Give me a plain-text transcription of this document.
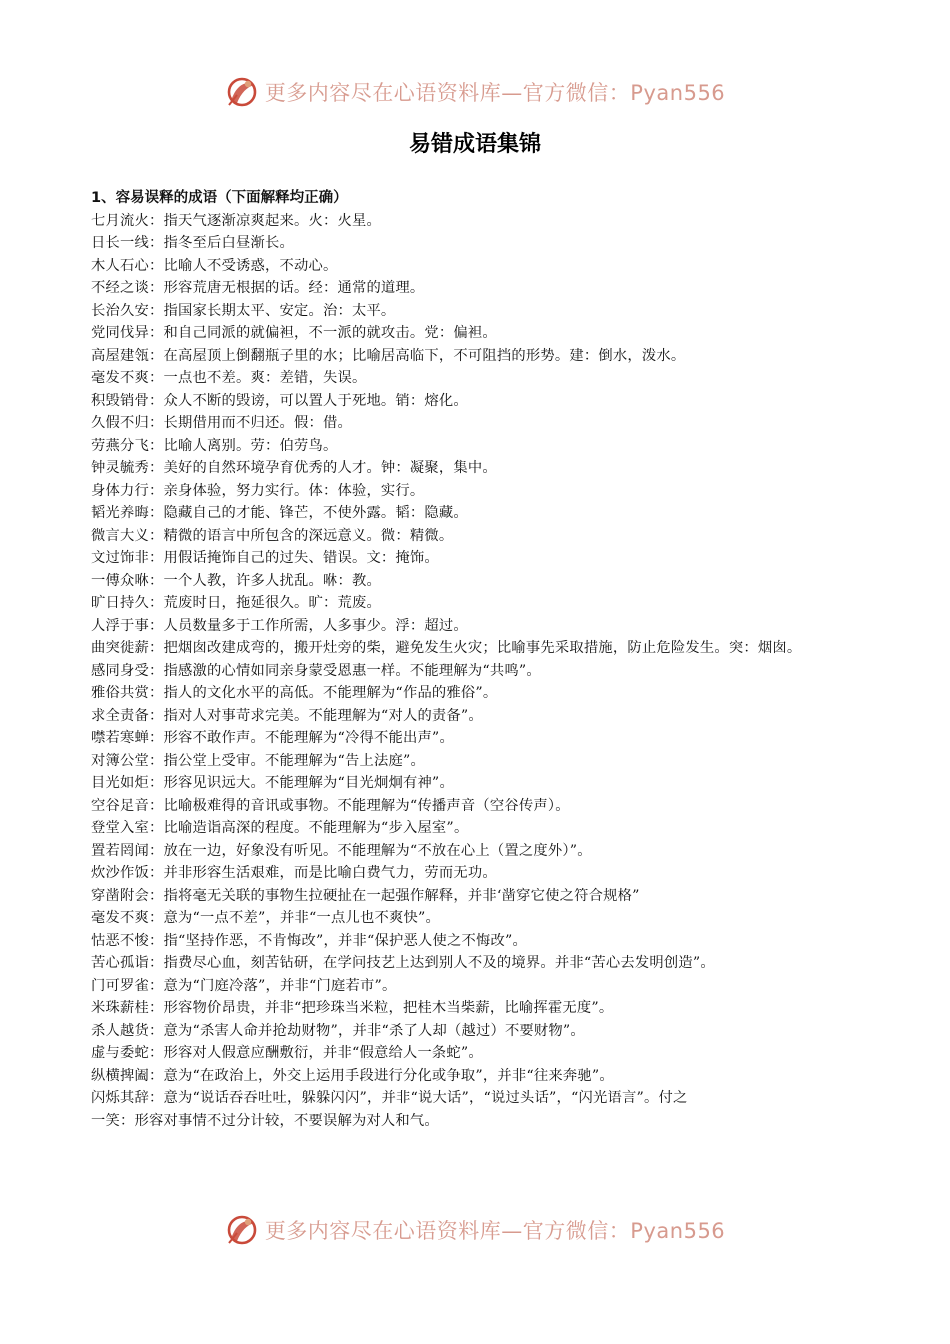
更多内容尽在心语资料库—官方微信：Pyan556
易错成语集锦

1、容易误释的成语（下面解释均正确）

七月流火：指天气逐渐凉爽起来。火：火星。

日长一线：指冬至后白昼渐长。

木人石心：比喻人不受诱惑，不动心。

不经之谈：形容荒唐无根据的话。经：通常的道理。

长治久安：指国家长期太平、安定。治：太平。

党同伐异：和自己同派的就偏袒，不一派的就攻击。党：偏袒。

高屋建瓴：在高屋顶上倒翻瓶子里的水；比喻居高临下，不可阻挡的形势。建：倒水，泼水。

毫发不爽：一点也不差。爽：差错，失误。

积毁销骨：众人不断的毁谤，可以置人于死地。销：熔化。

久假不归：长期借用而不归还。假：借。

劳燕分飞：比喻人离别。劳：伯劳鸟。

钟灵毓秀：美好的自然环境孕育优秀的人才。钟：凝聚，集中。

身体力行：亲身体验，努力实行。体：体验，实行。

韬光养晦：隐藏自己的才能、锋芒，不使外露。韬：隐藏。

微言大义：精微的语言中所包含的深远意义。微：精微。

文过饰非：用假话掩饰自己的过失、错误。文：掩饰。

一傅众咻：一个人教，许多人扰乱。咻：教。

旷日持久：荒废时日，拖延很久。旷：荒废。

人浮于事：人员数量多于工作所需，人多事少。浮：超过。

曲突徙薪：把烟囱改建成弯的，搬开灶旁的柴，避免发生火灾；比喻事先采取措施，防止危险发生。突：烟囱。

感同身受：指感激的心情如同亲身蒙受恩惠一样。不能理解为“共鸣”。

雅俗共赏：指人的文化水平的高低。不能理解为“作品的雅俗”。

求全责备：指对人对事苛求完美。不能理解为“对人的责备”。

噤若寒蝉：形容不敢作声。不能理解为“冷得不能出声”。

对簿公堂：指公堂上受审。不能理解为“告上法庭”。

目光如炬：形容见识远大。不能理解为“目光炯炯有神”。

空谷足音：比喻极难得的音讯或事物。不能理解为“传播声音（空谷传声）。

登堂入室：比喻造诣高深的程度。不能理解为“步入屋室”。

置若罔闻：放在一边，好象没有听见。不能理解为“不放在心上（置之度外）”。

炊沙作饭：并非形容生活艰难，而是比喻白费气力，劳而无功。

穿凿附会：指将毫无关联的事物生拉硬扯在一起强作解释，并非‘凿穿它使之符合规格”

毫发不爽：意为“一点不差”，并非“一点儿也不爽快”。

怙恶不悛：指“坚持作恶，不肯悔改”，并非“保护恶人使之不悔改”。

苦心孤诣：指费尽心血，刻苦钻研，在学问技艺上达到别人不及的境界。并非“苦心去发明创造”。

门可罗雀：意为“门庭冷落”，并非“门庭若市”。

米珠薪桂：形容物价昂贵，并非“把珍珠当米粒，把桂木当柴薪，比喻挥霍无度”。

杀人越货：意为“杀害人命并抢劫财物”，并非“杀了人却（越过）不要财物”。

虚与委蛇：形容对人假意应酬敷衍，并非“假意给人一条蛇”。

纵横捭阖：意为“在政治上，外交上运用手段进行分化或争取”，并非“往来奔驰”。

闪烁其辞：意为“说话吞吞吐吐，躲躲闪闪”，并非“说大话”，“说过头话”，“闪光语言”。付之

一笑：形容对事情不过分计较，不要误解为对人和气。

更多内容尽在心语资料库—官方微信：Pyan556
